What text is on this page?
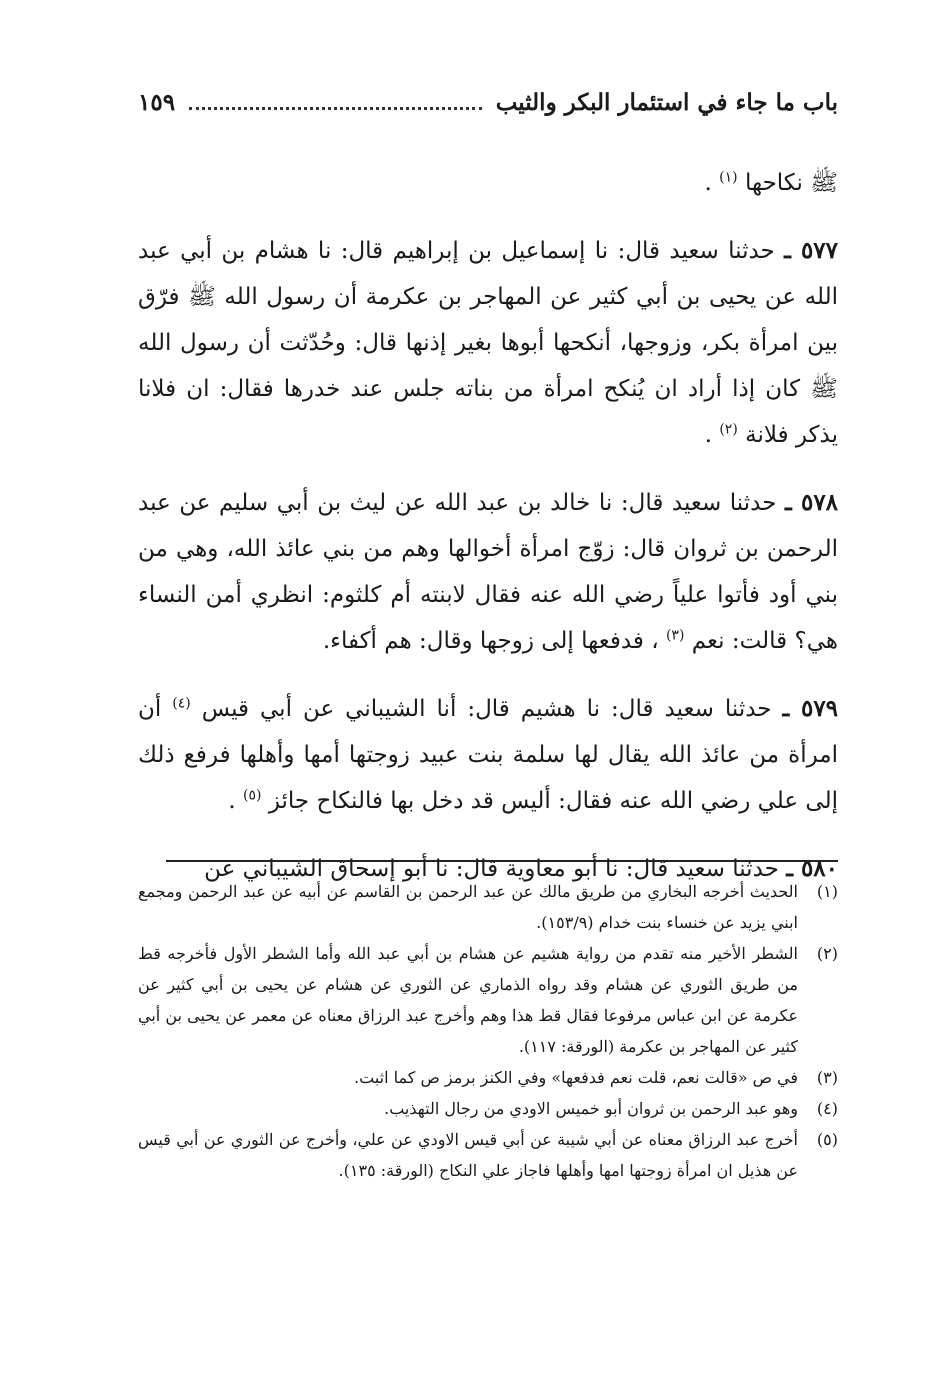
باب ما جاء في استئمار البكر والثيب
١٥٩

ﷺ نكاحها $^{(١)}$ .

٥٧٧ ـ حدثنا سعيد قال: نا إسماعيل بن إبراهيم قال: نا هشام بن أبي عبد الله عن يحيى بن أبي كثير عن المهاجر بن عكرمة أن رسول الله ﷺ فرّق بين امرأة بكر، وزوجها، أنكحها أبوها بغير إذنها قال: وحُدّثت أن رسول الله ﷺ كان إذا أراد ان يُنكح امرأة من بناته جلس عند خدرها فقال: ان فلانا يذكر فلانة $^{(٢)}$ .

٥٧٨ ـ حدثنا سعيد قال: نا خالد بن عبد الله عن ليث بن أبي سليم عن عبد الرحمن بن ثروان قال: زوّج امرأة أخوالها وهم من بني عائذ الله، وهي من بني أود فأتوا علياً رضي الله عنه فقال لابنته أم كلثوم: انظري أمن النساء هي؟ قالت: نعم $^{(٣)}$ ، فدفعها إلى زوجها وقال: هم أكفاء.

٥٧٩ ـ حدثنا سعيد قال: نا هشيم قال: أنا الشيباني عن أبي قيس $^{(٤)}$ أن امرأة من عائذ الله يقال لها سلمة بنت عبيد زوجتها أمها وأهلها فرفع ذلك إلى علي رضي الله عنه فقال: أليس قد دخل بها فالنكاح جائز $^{(٥)}$ .

٥٨٠ ـ حدثنا سعيد قال: نا أبو معاوية قال: نا أبو إسحاق الشيباني عن

(١)
الحديث أخرجه البخاري من طريق مالك عن عبد الرحمن بن القاسم عن أبيه عن عبد الرحمن ومجمع ابني يزيد عن خنساء بنت خدام (١٥٣/٩).
(٢)
الشطر الأخير منه تقدم من رواية هشيم عن هشام بن أبي عبد الله وأما الشطر الأول فأخرجه قط من طريق الثوري عن هشام وقد رواه الذماري عن الثوري عن هشام عن يحيى بن أبي كثير عن عكرمة عن ابن عباس مرفوعا فقال قط هذا وهم وأخرج عبد الرزاق معناه عن معمر عن يحيى بن أبي كثير عن المهاجر بن عكرمة (الورقة: ١١٧).
(٣)
في ص «قالت نعم، قلت نعم فدفعها» وفي الكنز برمز ص كما اثبت.
(٤)
وهو عبد الرحمن بن ثروان أبو خميس الاودي من رجال التهذيب.
(٥)
أخرج عبد الرزاق معناه عن أبي شيبة عن أبي قيس الاودي عن علي، وأخرج عن الثوري عن أبي قيس عن هذيل ان امرأة زوجتها امها وأهلها فاجاز علي النكاح (الورقة: ١٣٥).
